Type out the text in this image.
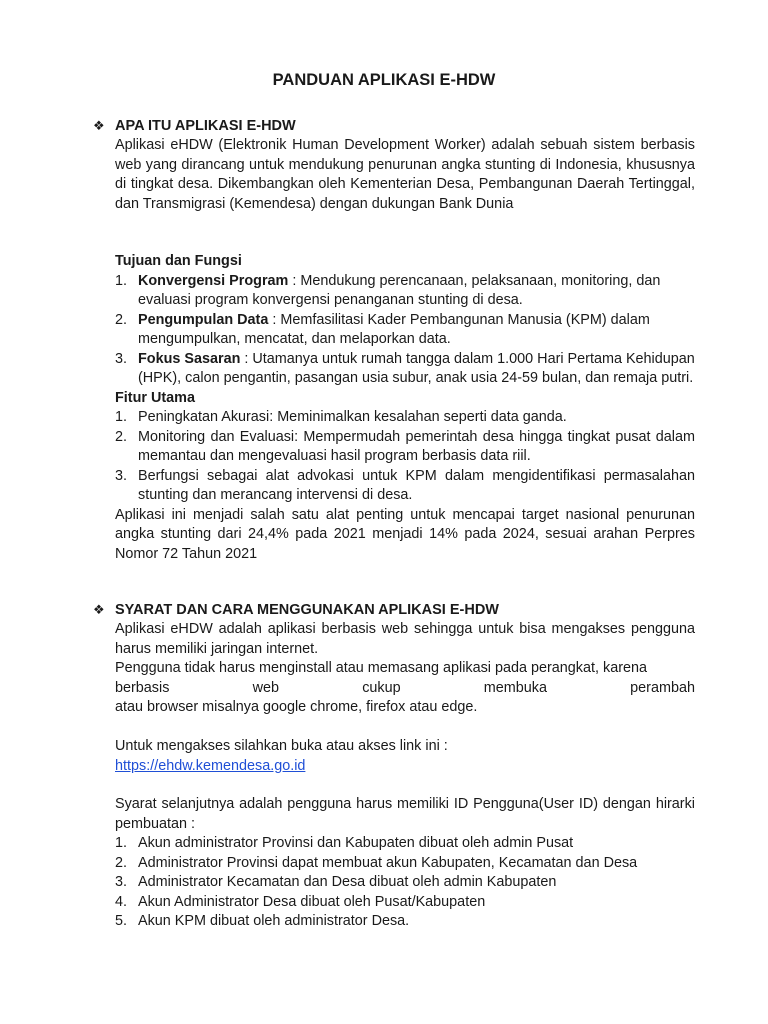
PANDUAN APLIKASI E-HDW
❖ APA ITU APLIKASI E-HDW
Aplikasi eHDW (Elektronik Human Development Worker) adalah sebuah sistem berbasis web yang dirancang untuk mendukung penurunan angka stunting di Indonesia, khususnya di tingkat desa. Dikembangkan oleh Kementerian Desa, Pembangunan Daerah Tertinggal, dan Transmigrasi (Kemendesa) dengan dukungan Bank Dunia
Tujuan dan Fungsi
1. Konvergensi Program : Mendukung perencanaan, pelaksanaan, monitoring, dan evaluasi program konvergensi penanganan stunting di desa.
2. Pengumpulan Data : Memfasilitasi Kader Pembangunan Manusia (KPM) dalam mengumpulkan, mencatat, dan melaporkan data.
3. Fokus Sasaran : Utamanya untuk rumah tangga dalam 1.000 Hari Pertama Kehidupan (HPK), calon pengantin, pasangan usia subur, anak usia 24-59 bulan, dan remaja putri.
Fitur Utama
1. Peningkatan Akurasi: Meminimalkan kesalahan seperti data ganda.
2. Monitoring dan Evaluasi: Mempermudah pemerintah desa hingga tingkat pusat dalam memantau dan mengevaluasi hasil program berbasis data riil.
3. Berfungsi sebagai alat advokasi untuk KPM dalam mengidentifikasi permasalahan stunting dan merancang intervensi di desa.
Aplikasi ini menjadi salah satu alat penting untuk mencapai target nasional penurunan angka stunting dari 24,4% pada 2021 menjadi 14% pada 2024, sesuai arahan Perpres Nomor 72 Tahun 2021
❖ SYARAT DAN CARA MENGGUNAKAN APLIKASI E-HDW
Aplikasi eHDW adalah aplikasi berbasis web sehingga untuk bisa mengakses pengguna harus memiliki jaringan internet.
Pengguna tidak harus menginstall atau memasang aplikasi pada perangkat, karena
berbasis	web	cukup	membuka	perambah
atau browser misalnya google chrome, firefox atau edge.
Untuk mengakses silahkan buka atau akses link ini :
https://ehdw.kemendesa.go.id
Syarat selanjutnya adalah pengguna harus memiliki ID Pengguna(User ID) dengan hirarki pembuatan :
1. Akun administrator Provinsi dan Kabupaten dibuat oleh admin Pusat
2. Administrator Provinsi dapat membuat akun Kabupaten, Kecamatan dan Desa
3. Administrator Kecamatan dan Desa dibuat oleh admin Kabupaten
4. Akun Administrator Desa dibuat oleh Pusat/Kabupaten
5. Akun KPM dibuat oleh administrator Desa.
